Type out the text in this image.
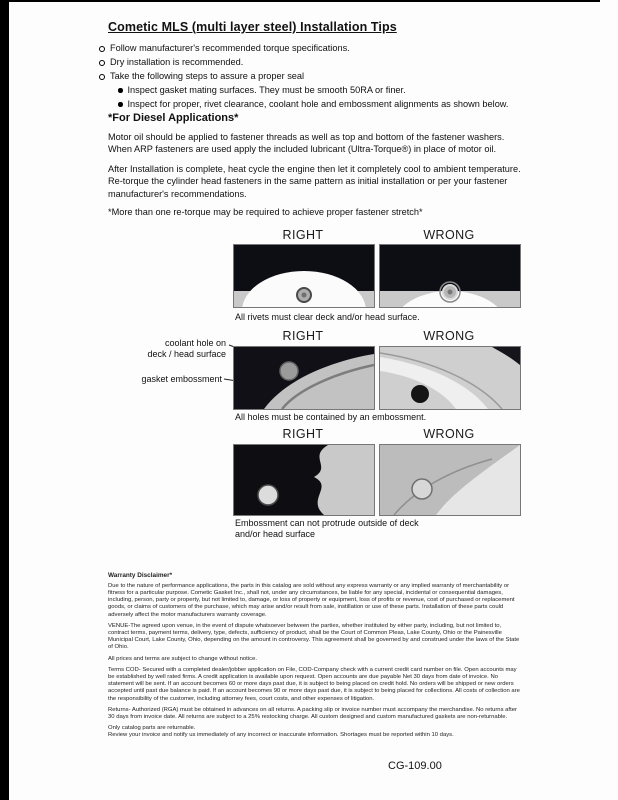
Cometic MLS (multi layer steel) Installation Tips
Follow manufacturer's recommended torque specifications.
Dry installation is recommended.
Take the following steps to assure a proper seal
Inspect gasket mating surfaces. They must be smooth 50RA or finer.
Inspect for proper, rivet clearance, coolant hole and embossment alignments as shown below.
*For Diesel Applications*

Motor oil should be applied to fastener threads as well as top and bottom of the fastener washers. When ARP fasteners are used apply the included lubricant (Ultra-Torque®) in place of motor oil.

After Installation is complete, heat cycle the engine then let it completely cool to ambient temperature. Re-torque the cylinder head fasteners in the same pattern as initial installation or per your fastener manufacturer's recommendations.

*More than one re-torque may be required to achieve proper fastener stretch*

RIGHT	WRONG
All rivets must clear deck and/or head surface.
RIGHT	WRONG
coolant hole on
deck / head surface
gasket embossment
All holes must be contained by an embossment.
RIGHT	WRONG
Embossment can not protrude outside of deck and/or head surface
Warranty Disclaimer*

Due to the nature of performance applications, the parts in this catalog are sold without any express warranty or any implied warranty of merchantability or fitness for a particular purpose. Cometic Gasket Inc., shall not, under any circumstances, be liable for any special, incidental or consequential damages, including, person, party or property, but not limited to, damage, or loss of property or equipment, loss of profits or revenue, cost of purchased or replacement goods, or claims of customers of the purchase, which may arise and/or result from sale, instillation or use of these parts. Installation of these parts could adversely affect the motor manufacturers warranty coverage.

VENUE-The agreed upon venue, in the event of dispute whatsoever between the parties, whether instituted by either party, including, but not limited to, contract terms, payment terms, delivery, type, defects, sufficiency of product, shall be the Court of Common Pleas, Lake County, Ohio or the Painesville Municipal Court, Lake County, Ohio, depending on the amount in controversy. This agreement shall be governed by and construed under the laws of the State of Ohio.

All prices and terms are subject to change without notice.

Terms COD- Secured with a completed dealer/jobber application on File, COD-Company check with a current credit card number on file. Open accounts may be established by well rated firms. A credit application is available upon request. Open accounts are due payable Net 30 days from date of invoice. No statement will be sent. If an account becomes 60 or more days past due, it is subject to being placed on credit hold. No orders will be shipped or new orders accepted until past due balance is paid. If an account becomes 90 or more days past due, it is subject to being placed for collections. All costs of collection are the responsibility of the customer, including attorney fees, court costs, and other expenses of litigation.

Returns- Authorized (RGA) must be obtained in advances on all returns. A packing slip or invoice number must accompany the merchandise. No returns after 30 days from invoice date. All returns are subject to a 25% restocking charge. All custom designed and custom manufactured gaskets are non-returnable.

Only catalog parts are returnable.

Review your invoice and notify us immediately of any incorrect or inaccurate information. Shortages must be reported within 10 days.

CG-109.00
